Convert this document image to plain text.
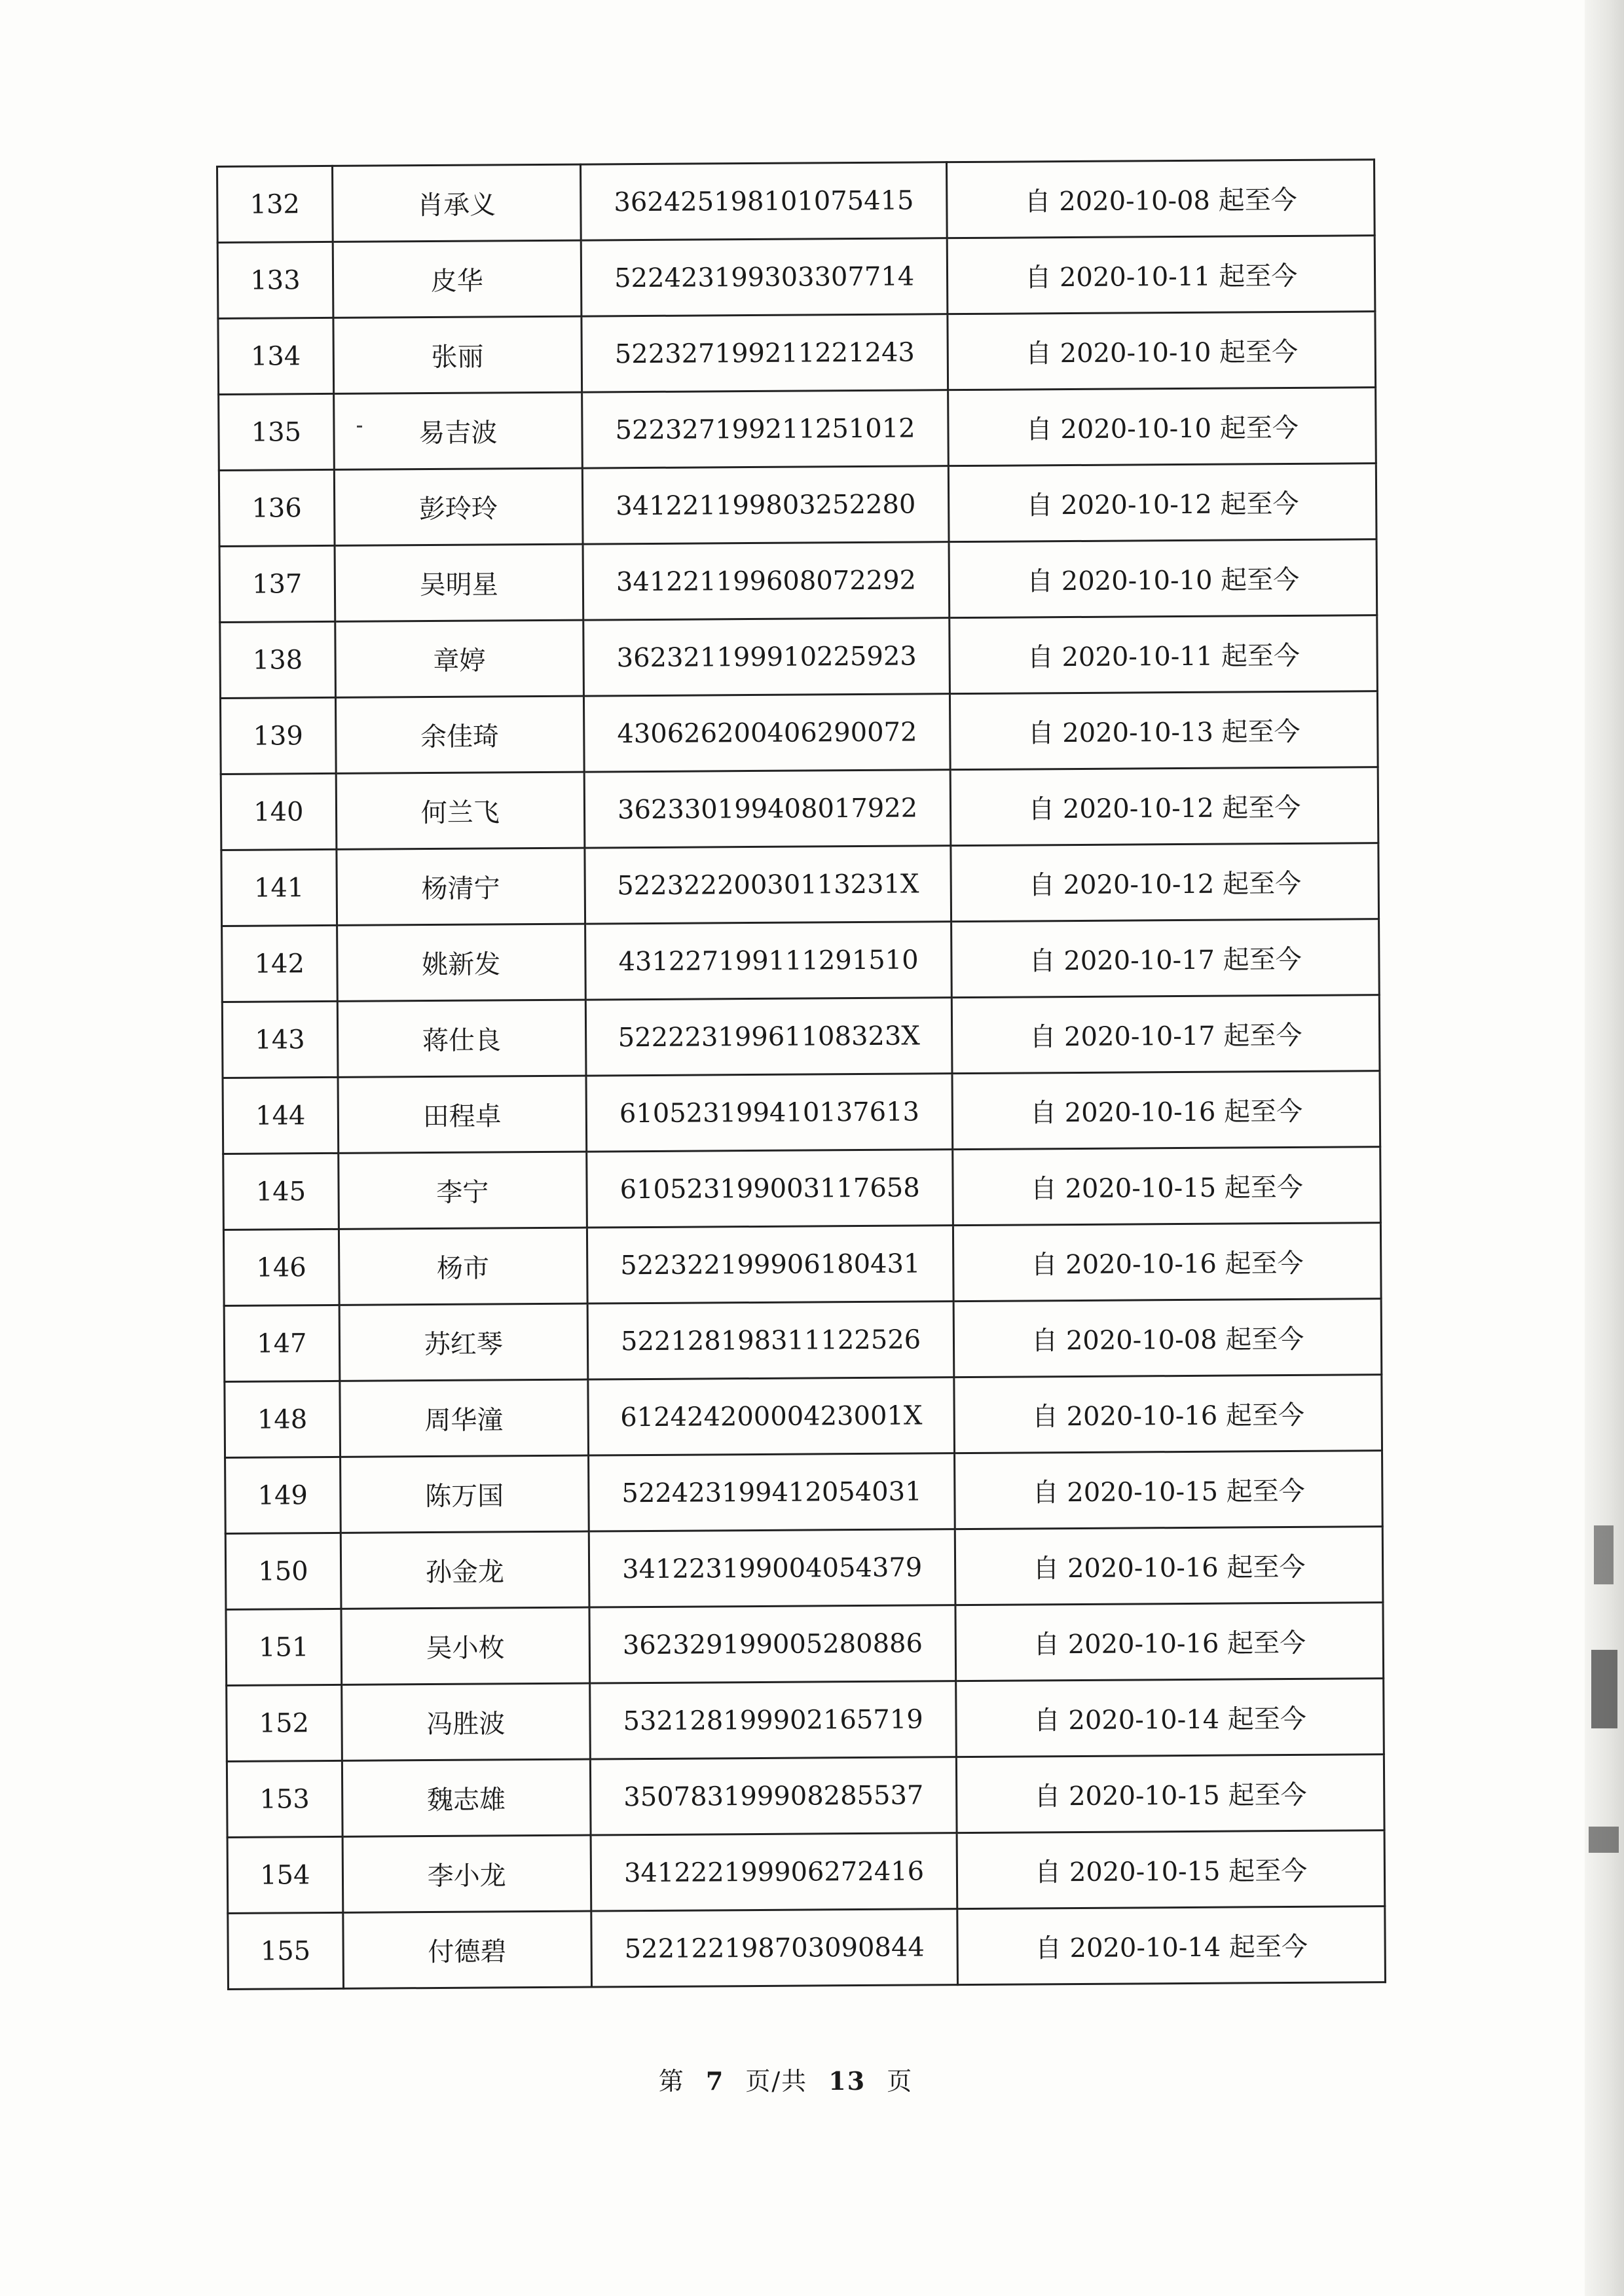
132	肖承义	362425198101075415	自 2020-10-08 起至今
133	皮华	522423199303307714	自 2020-10-11 起至今
134	张丽	522327199211221243	自 2020-10-10 起至今
135	易吉波	522327199211251012	自 2020-10-10 起至今
136	彭玲玲	341221199803252280	自 2020-10-12 起至今
137	吴明星	341221199608072292	自 2020-10-10 起至今
138	章婷	362321199910225923	自 2020-10-11 起至今
139	余佳琦	430626200406290072	自 2020-10-13 起至今
140	何兰飞	362330199408017922	自 2020-10-12 起至今
141	杨清宁	52232220030113231X	自 2020-10-12 起至今
142	姚新发	431227199111291510	自 2020-10-17 起至今
143	蒋仕良	52222319961108323X	自 2020-10-17 起至今
144	田程卓	610523199410137613	自 2020-10-16 起至今
145	李宁	610523199003117658	自 2020-10-15 起至今
146	杨市	522322199906180431	自 2020-10-16 起至今
147	苏红琴	522128198311122526	自 2020-10-08 起至今
148	周华潼	61242420000423001X	自 2020-10-16 起至今
149	陈万国	522423199412054031	自 2020-10-15 起至今
150	孙金龙	341223199004054379	自 2020-10-16 起至今
151	吴小枚	362329199005280886	自 2020-10-16 起至今
152	冯胜波	532128199902165719	自 2020-10-14 起至今
153	魏志雄	350783199908285537	自 2020-10-15 起至今
154	李小龙	341222199906272416	自 2020-10-15 起至今
155	付德碧	522122198703090844	自 2020-10-14 起至今
第 7 页/共 13 页
